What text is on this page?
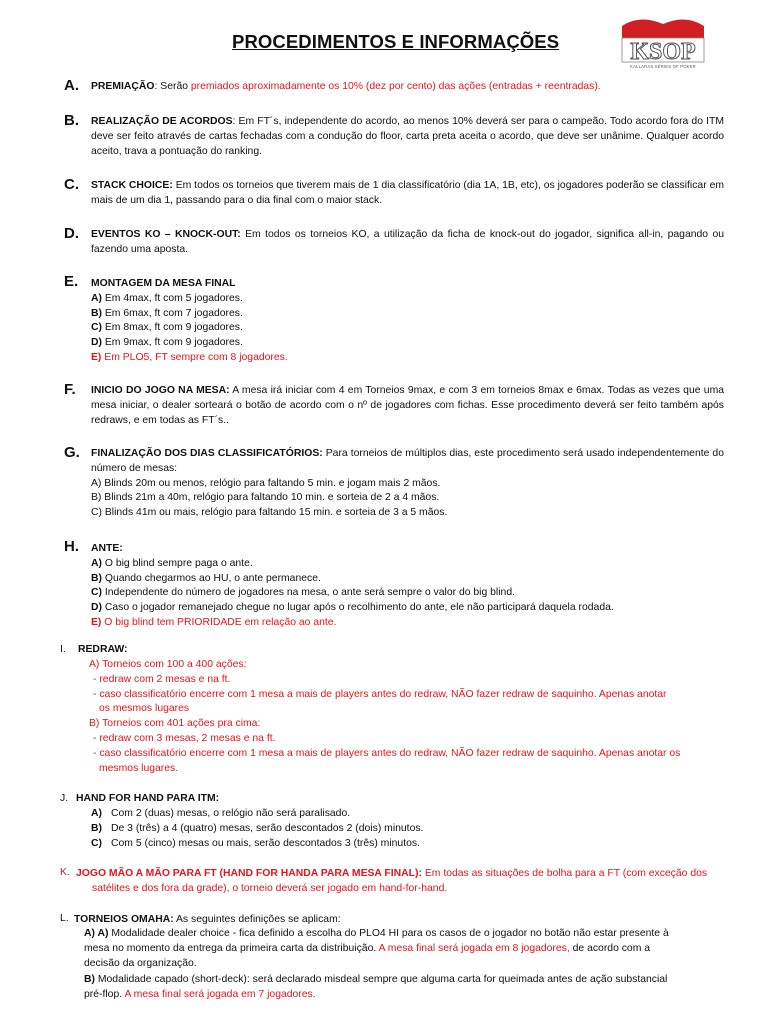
PROCEDIMENTOS E INFORMAÇÕES	KSOP
KALLARAS SÉRIES OF POKER
A. PREMIAÇÃO: Serão premiados aproximadamente os 10% (dez por cento) das ações (entradas + reentradas).
B. REALIZAÇÃO DE ACORDOS: Em FT´s, independente do acordo, ao menos 10% deverá ser para o campeão. Todo acordo fora do ITM deve ser feito através de cartas fechadas com a condução do floor, carta preta aceita o acordo, que deve ser unânime. Qualquer acordo aceito, trava a pontuação do ranking.
C. STACK CHOICE: Em todos os torneios que tiverem mais de 1 dia classificatório (dia 1A, 1B, etc), os jogadores poderão se classificar em mais de um dia 1, passando para o dia final com o maior stack.
D. EVENTOS KO – KNOCK-OUT: Em todos os torneios KO, a utilização da ficha de knock-out do jogador, significa all-in, pagando ou fazendo uma aposta.
E. MONTAGEM DA MESA FINAL
A) Em 4max, ft com 5 jogadores.
B) Em 6max, ft com 7 jogadores.
C) Em 8max, ft com 9 jogadores.
D) Em 9max, ft com 9 jogadores.
E) Em PLO5, FT sempre com 8 jogadores.
F. INICIO DO JOGO NA MESA: A mesa irá iniciar com 4 em Torneios 9max, e com 3 em torneios 8max e 6max. Todas as vezes que uma mesa iniciar, o dealer sorteará o botão de acordo com o nº de jogadores com fichas. Esse procedimento deverá ser feito também após redraws, e em todas as FT´s..
G. FINALIZAÇÃO DOS DIAS CLASSIFICATÓRIOS: Para torneios de múltiplos dias, este procedimento será usado independentemente do número de mesas:
A) Blinds 20m ou menos, relógio para faltando 5 min. e jogam mais 2 mãos.
B) Blinds 21m a 40m, relógio para faltando 10 min. e sorteia de 2 a 4 mãos.
C) Blinds 41m ou mais, relógio para faltando 15 min. e sorteia de 3 a 5 mãos.
H. ANTE:
A) O big blind sempre paga o ante.
B) Quando chegarmos ao HU, o ante permanece.
C) Independente do número de jogadores na mesa, o ante será sempre o valor do big blind.
D) Caso o jogador remanejado chegue no lugar após o recolhimento do ante, ele não participará daquela rodada.
E) O big blind tem PRIORIDADE em relação ao ante.
I. REDRAW:
A) Torneios com 100 a 400 ações:
- redraw com 2 mesas e na ft.
- caso classificatório encerre com 1 mesa a mais de players antes do redraw, NÃO fazer redraw de saquinho. Apenas anotar
os mesmos lugares
B) Torneios com 401 ações pra cima:
- redraw com 3 mesas, 2 mesas e na ft.
- caso classificatório encerre com 1 mesa a mais de players antes do redraw, NÃO fazer redraw de saquinho. Apenas anotar os
mesmos lugares.
J. HAND FOR HAND PARA ITM:
A) Com 2 (duas) mesas, o relógio não será paralisado.
B) De 3 (três) a 4 (quatro) mesas, serão descontados 2 (dois) minutos.
C) Com 5 (cinco) mesas ou mais, serão descontados 3 (três) minutos.
K. JOGO MÃO A MÃO PARA FT (HAND FOR HANDA PARA MESA FINAL): Em todas as situações de bolha para a FT (com exceção dos
satélites e dos fora da grade), o torneio deverá ser jogado em hand-for-hand.
L. TORNEIOS OMAHA: As seguintes definições se aplicam:
A) A) Modalidade dealer choice - fica definido a escolha do PLO4 HI para os casos de o jogador no botão não estar presente à
mesa no momento da entrega da primeira carta da distribuição. A mesa final será jogada em 8 jogadores, de acordo com a
decisão da organização.
B) Modalidade capado (short-deck): será declarado misdeal sempre que alguma carta for queimada antes de ação substancial
pré-flop. A mesa final será jogada em 7 jogadores.
